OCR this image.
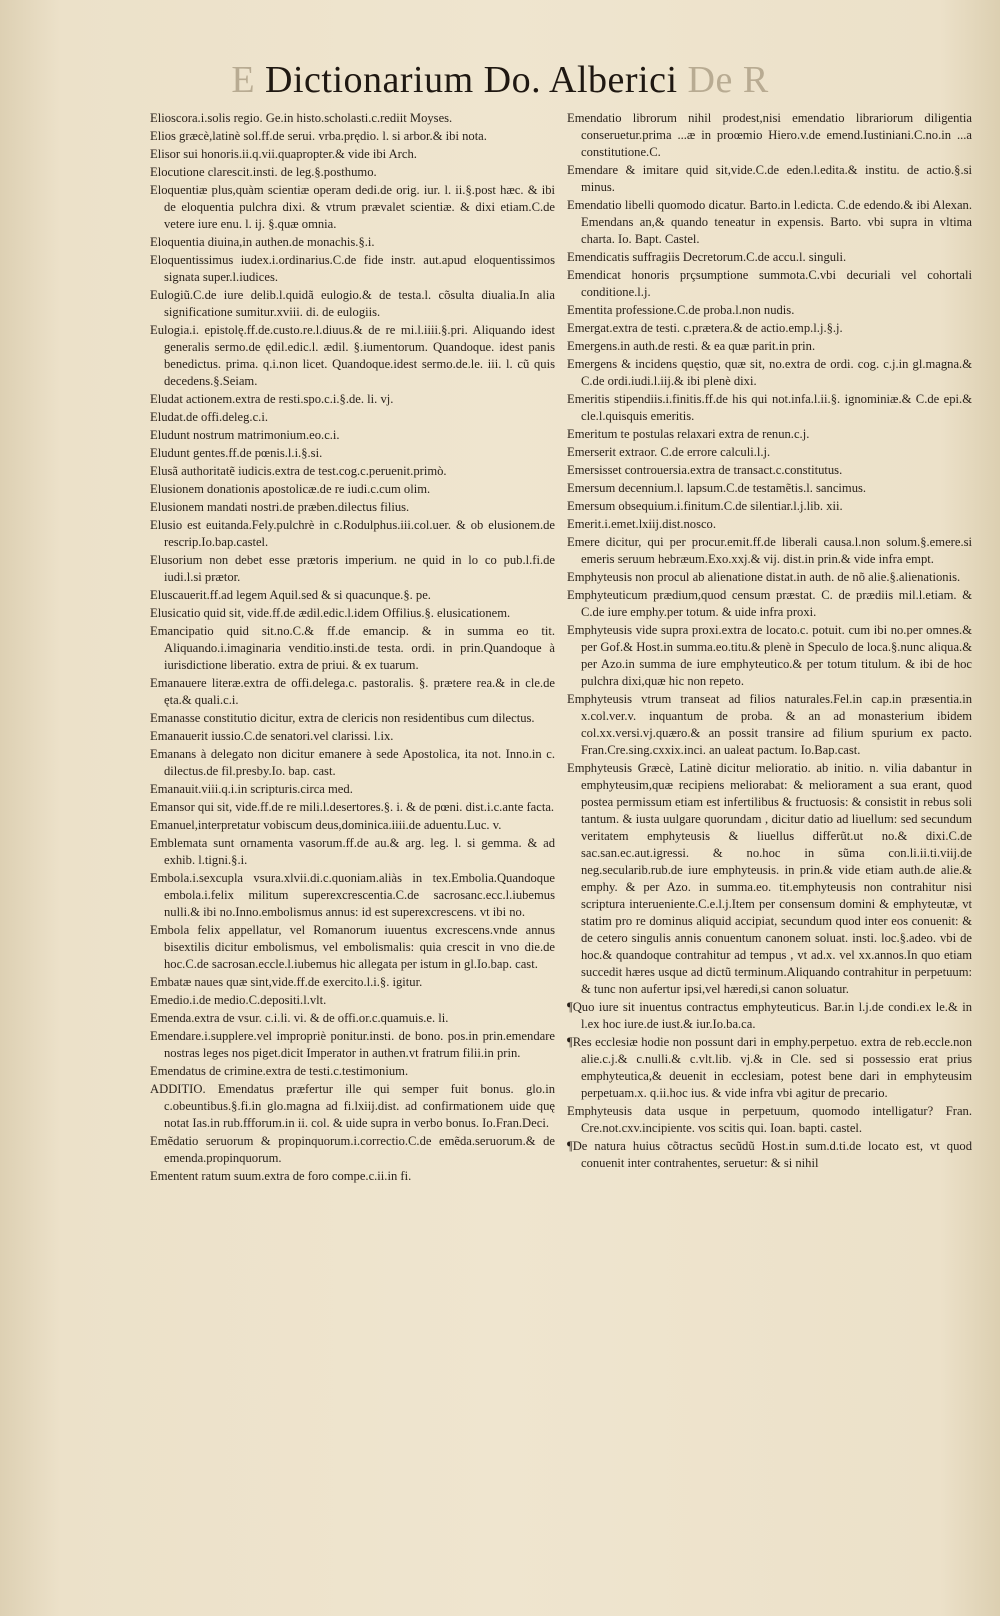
E Dictionarium Do. Alberici De R

Elioscora.i.solis regio. Ge.in histo.scholasti.c.rediit Moyses.

Elios græcè,latinè sol.ff.de serui. vrba.prędio. l. si arbor.& ibi nota.

Elisor sui honoris.ii.q.vii.quapropter.& vide ibi Arch.

Elocutione clarescit.insti. de leg.§.posthumo.

Eloquentiæ plus,quàm scientiæ operam dedi.de orig. iur. l. ii.§.post hæc. & ibi de eloquentia pulchra dixi. & vtrum prævalet scientiæ. & dixi etiam.C.de vetere iure enu. l. ij. §.quæ omnia.

Eloquentia diuina,in authen.de monachis.§.i.

Eloquentissimus iudex.i.ordinarius.C.de fide instr. aut.apud eloquentissimos signata super.l.iudices.

Eulogiũ.C.de iure delib.l.quidã eulogio.& de testa.l. cõsulta diualia.In alia significatione sumitur.xviii. di. de eulogiis.

Eulogia.i. epistolę.ff.de.custo.re.l.diuus.& de re mi.l.iiii.§.pri. Aliquando idest generalis sermo.de ędil.edic.l. ædil. §.iumentorum. Quandoque. idest panis benedictus. prima. q.i.non licet. Quandoque.idest sermo.de.le. iii. l. cũ quis decedens.§.Seiam.

Eludat actionem.extra de resti.spo.c.i.§.de. li. vj.

Eludat.de offi.deleg.c.i.

Eludunt nostrum matrimonium.eo.c.i.

Eludunt gentes.ff.de pœnis.l.i.§.si.

Elusã authoritatẽ iudicis.extra de test.cog.c.peruenit.primò.

Elusionem donationis apostolicæ.de re iudi.c.cum olim.

Elusionem mandati nostri.de præben.dilectus filius.

Elusio est euitanda.Fely.pulchrè in c.Rodulphus.iii.col.uer. & ob elusionem.de rescrip.Io.bap.castel.

Elusorium non debet esse prætoris imperium. ne quid in lo co pub.l.fi.de iudi.l.si prætor.

Eluscauerit.ff.ad legem Aquil.sed & si quacunque.§. pe.

Elusicatio quid sit, vide.ff.de ædil.edic.l.idem Offilius.§. elusicationem.

Emancipatio quid sit.no.C.& ff.de emancip. & in summa eo tit. Aliquando.i.imaginaria venditio.insti.de testa. ordi. in prin.Quandoque à iurisdictione liberatio. extra de priui. & ex tuarum.

Emanauere literæ.extra de offi.delega.c. pastoralis. §. prætere rea.& in cle.de ęta.& quali.c.i.

Emanasse constitutio dicitur, extra de clericis non residentibus cum dilectus.

Emanauerit iussio.C.de senatori.vel clarissi. l.ix.

Emanans à delegato non dicitur emanere à sede Apostolica, ita not. Inno.in c. dilectus.de fil.presby.Io. bap. cast.

Emanauit.viii.q.i.in scripturis.circa med.

Emansor qui sit, vide.ff.de re mili.l.desertores.§. i. & de pœni. dist.i.c.ante facta.

Emanuel,interpretatur vobiscum deus,dominica.iiii.de aduentu.Luc. v.

Emblemata sunt ornamenta vasorum.ff.de au.& arg. leg. l. si gemma. & ad exhib. l.tigni.§.i.

Embola.i.sexcupla vsura.xlvii.di.c.quoniam.aliàs in tex.Embolia.Quandoque embola.i.felix militum superexcrescentia.C.de sacrosanc.ecc.l.iubemus nulli.& ibi no.Inno.embolismus annus: id est superexcrescens. vt ibi no.

Embola felix appellatur, vel Romanorum iuuentus excrescens.vnde annus bisextilis dicitur embolismus, vel embolismalis: quia crescit in vno die.de hoc.C.de sacrosan.eccle.l.iubemus hic allegata per istum in gl.Io.bap. cast.

Embatæ naues quæ sint,vide.ff.de exercito.l.i.§. igitur.

Emedio.i.de medio.C.depositi.l.vlt.

Emenda.extra de vsur. c.i.li. vi. & de offi.or.c.quamuis.e. li.

Emendare.i.supplere.vel impropriè ponitur.insti. de bono. pos.in prin.emendare nostras leges nos piget.dicit Imperator in authen.vt fratrum filii.in prin.

Emendatus de crimine.extra de testi.c.testimonium.

ADDITIO. Emendatus præfertur ille qui semper fuit bonus. glo.in c.obeuntibus.§.fi.in glo.magna ad fi.lxiij.dist. ad confirmationem uide quę notat Ias.in rub.ffforum.in ii. col. & uide supra in verbo bonus. Io.Fran.Deci.

Emẽdatio seruorum & propinquorum.i.correctio.C.de emẽda.seruorum.& de emenda.propinquorum.

Ementent ratum suum.extra de foro compe.c.ii.in fi.

Emendatio librorum nihil prodest,nisi emendatio librariorum diligentia conseruetur.prima ...æ in proœmio Hiero.v.de emend.Iustiniani.C.no.in ...a constitutione.C.

Emendare & imitare quid sit,vide.C.de eden.l.edita.& institu. de actio.§.si minus.

Emendatio libelli quomodo dicatur. Barto.in l.edicta. C.de edendo.& ibi Alexan. Emendans an,& quando teneatur in expensis. Barto. vbi supra in vltima charta. Io. Bapt. Castel.

Emendicatis suffragiis Decretorum.C.de accu.l. singuli.

Emendicat honoris prçsumptione summota.C.vbi decuriali vel cohortali conditione.l.j.

Ementita professione.C.de proba.l.non nudis.

Emergat.extra de testi. c.prætera.& de actio.emp.l.j.§.j.

Emergens.in auth.de resti. & ea quæ parit.in prin.

Emergens & incidens quęstio, quæ sit, no.extra de ordi. cog. c.j.in gl.magna.& C.de ordi.iudi.l.iij.& ibi plenè dixi.

Emeritis stipendiis.i.finitis.ff.de his qui not.infa.l.ii.§. ignominiæ.& C.de epi.& cle.l.quisquis emeritis.

Emeritum te postulas relaxari extra de renun.c.j.

Emerserit extraor. C.de errore calculi.l.j.

Emersisset controuersia.extra de transact.c.constitutus.

Emersum decennium.l. lapsum.C.de testamẽtis.l. sancimus.

Emersum obsequium.i.finitum.C.de silentiar.l.j.lib. xii.

Emerit.i.emet.lxiij.dist.nosco.

Emere dicitur, qui per procur.emit.ff.de liberali causa.l.non solum.§.emere.si emeris seruum hebræum.Exo.xxj.& vij. dist.in prin.& vide infra empt.

Emphyteusis non procul ab alienatione distat.in auth. de nõ alie.§.alienationis.

Emphyteuticum prædium,quod censum præstat. C. de prædiis mil.l.etiam. & C.de iure emphy.per totum. & uide infra proxi.

Emphyteusis vide supra proxi.extra de locato.c. potuit. cum ibi no.per omnes.& per Gof.& Host.in summa.eo.titu.& plenè in Speculo de loca.§.nunc aliqua.& per Azo.in summa de iure emphyteutico.& per totum titulum. & ibi de hoc pulchra dixi,quæ hic non repeto.

Emphyteusis vtrum transeat ad filios naturales.Fel.in cap.in præsentia.in x.col.ver.v. inquantum de proba. & an ad monasterium ibidem col.xx.versi.vj.quæro.& an possit transire ad filium spurium ex pacto. Fran.Cre.sing.cxxix.inci. an ualeat pactum. Io.Bap.cast.

Emphyteusis Græcè, Latinè dicitur melioratio. ab initio. n. vilia dabantur in emphyteusim,quæ recipiens meliorabat: & meliorament a sua erant, quod postea permissum etiam est infertilibus & fructuosis: & consistit in rebus soli tantum. & iusta uulgare quorundam , dicitur datio ad liuellum: sed secundum veritatem emphyteusis & liuellus differũt.ut no.& dixi.C.de sac.san.ec.aut.igressi. & no.hoc in sũma con.li.ii.ti.viij.de neg.secularib.rub.de iure emphyteusis. in prin.& vide etiam auth.de alie.& emphy. & per Azo. in summa.eo. tit.emphyteusis non contrahitur nisi scriptura interueniente.C.e.l.j.Item per consensum domini & emphyteutæ, vt statim pro re dominus aliquid accipiat, secundum quod inter eos conuenit: & de cetero singulis annis conuentum canonem soluat. insti. loc.§.adeo. vbi de hoc.& quandoque contrahitur ad tempus , vt ad.x. vel xx.annos.In quo etiam succedit hæres usque ad dictũ terminum.Aliquando contrahitur in perpetuum: & tunc non aufertur ipsi,vel hæredi,si canon soluatur.

¶Quo iure sit inuentus contractus emphyteuticus. Bar.in l.j.de condi.ex le.& in l.ex hoc iure.de iust.& iur.Io.ba.ca.

¶Res ecclesiæ hodie non possunt dari in emphy.perpetuo. extra de reb.eccle.non alie.c.j.& c.nulli.& c.vlt.lib. vj.& in Cle. sed si possessio erat prius emphyteutica,& deuenit in ecclesiam, potest bene dari in emphyteusim perpetuam.x. q.ii.hoc ius. & vide infra vbi agitur de precario.

Emphyteusis data usque in perpetuum, quomodo intelligatur? Fran. Cre.not.cxv.incipiente. vos scitis qui. Ioan. bapti. castel.

¶De natura huius cõtractus secũdũ Host.in sum.d.ti.de locato est, vt quod conuenit inter contrahentes, seruetur: & si nihil
